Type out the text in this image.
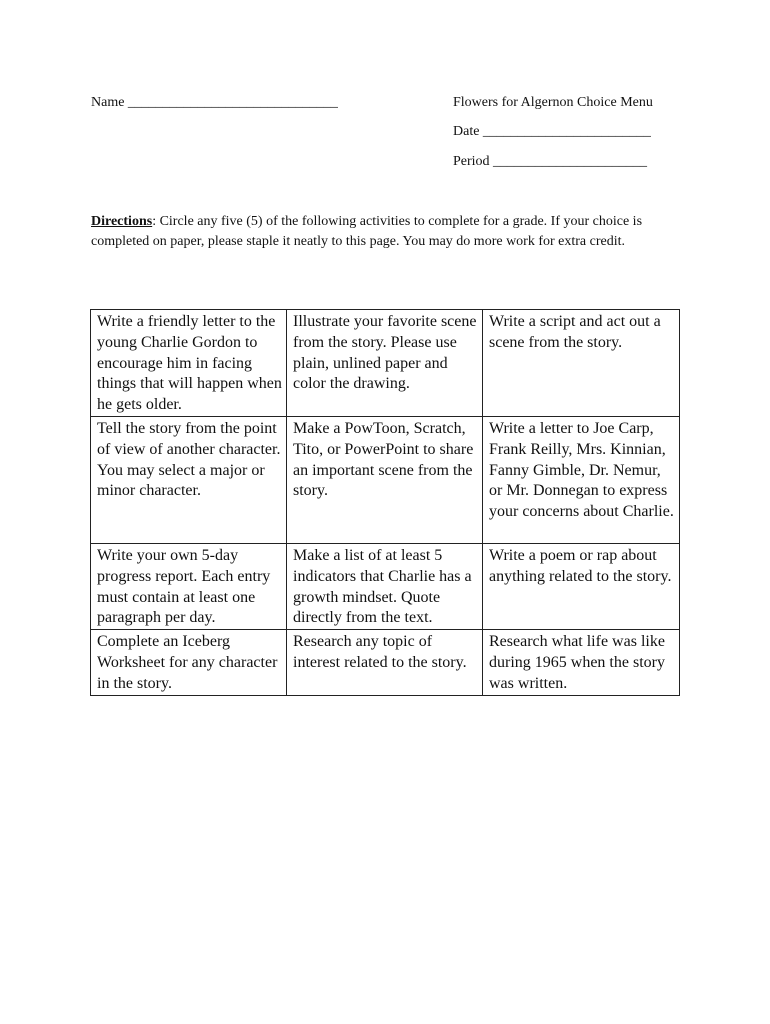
Name ______________________________	Flowers for Algernon Choice Menu
Date ________________________
Period ______________________
Directions: Circle any five (5) of the following activities to complete for a grade. If your choice is completed on paper, please staple it neatly to this page. You may do more work for extra credit.
Write a friendly letter to the young Charlie Gordon to encourage him in facing things that will happen when he gets older.	Illustrate your favorite scene from the story. Please use plain, unlined paper and color the drawing.	Write a script and act out a scene from the story.
Tell the story from the point of view of another character. You may select a major or minor character.	Make a PowToon, Scratch, Tito, or PowerPoint to share an important scene from the story.	Write a letter to Joe Carp, Frank Reilly, Mrs. Kinnian, Fanny Gimble, Dr. Nemur, or Mr. Donnegan to express your concerns about Charlie.
Write your own 5-day progress report. Each entry must contain at least one paragraph per day.	Make a list of at least 5 indicators that Charlie has a growth mindset. Quote directly from the text.	Write a poem or rap about anything related to the story.
Complete an Iceberg Worksheet for any character in the story.	Research any topic of interest related to the story.	Research what life was like during 1965 when the story was written.
